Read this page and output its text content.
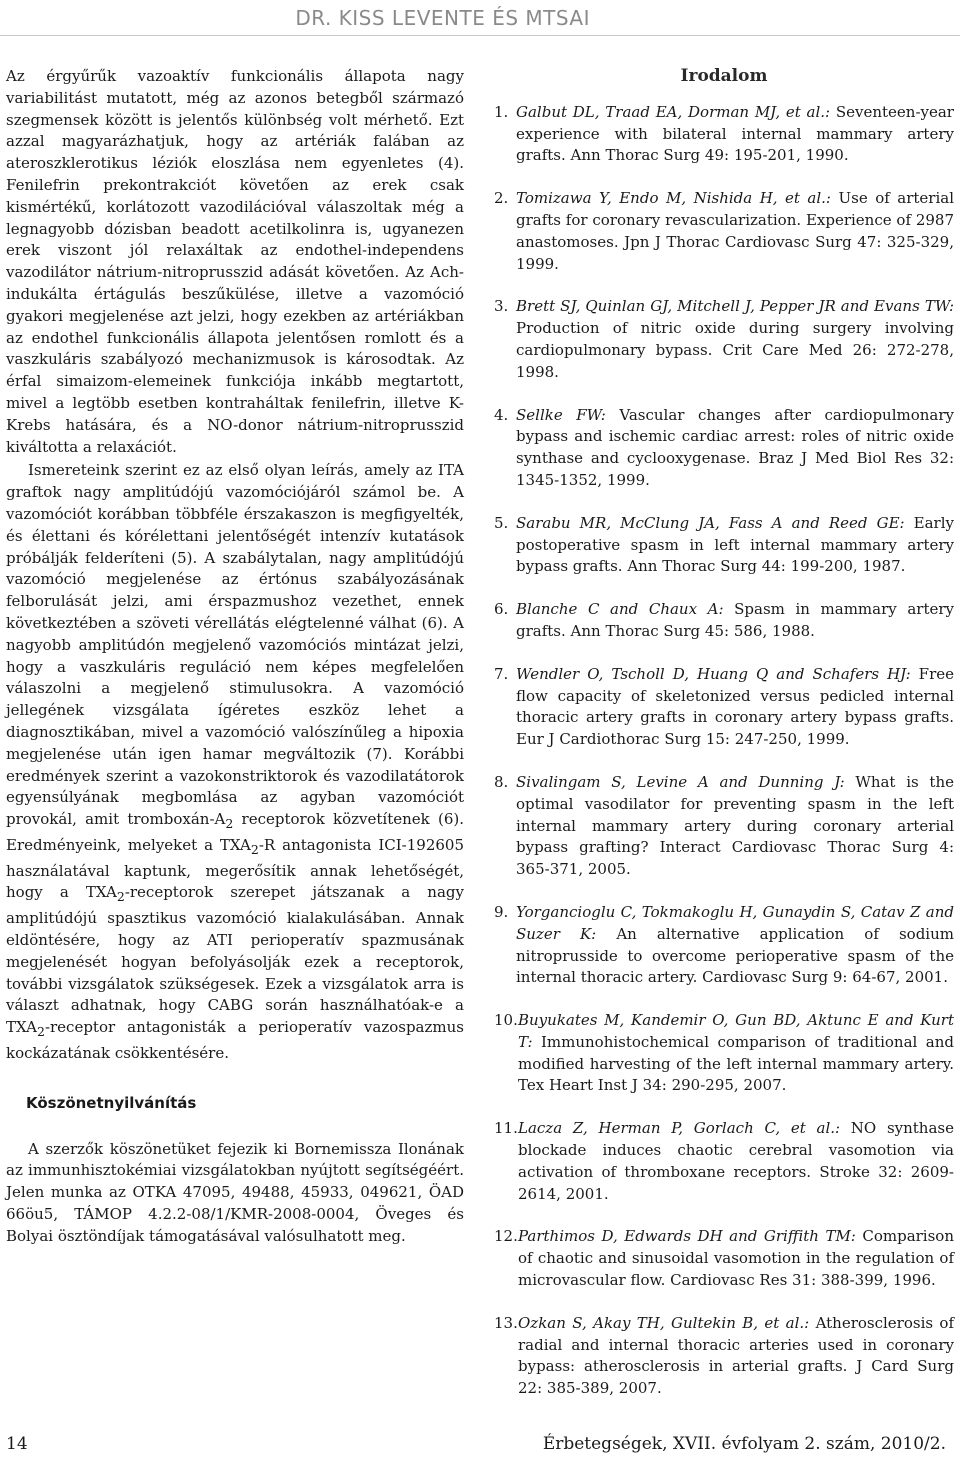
DR. KISS LEVENTE ÉS MTSAI

Az érgyűrűk vazoaktív funkcionális állapota nagy variabilitást mutatott, még az azonos betegből származó szegmensek között is jelentős különbség volt mérhető. Ezt azzal magyarázhatjuk, hogy az artériák falában az ateroszklerotikus léziók eloszlása nem egyenletes (4). Fenilefrin prekontrakciót követően az erek csak kismértékű, korlátozott vazodilációval válaszoltak még a legnagyobb dózisban beadott acetilkolinra is, ugyanezen erek viszont jól relaxáltak az endothel-independens vazodilátor nátrium-nitroprusszid adását követően. Az Ach-indukálta értágulás beszűkülése, illetve a vazomóció gyakori megjelenése azt jelzi, hogy ezekben az artériákban az endothel funkcionális állapota jelentősen romlott és a vaszkuláris szabályozó mechanizmusok is károsodtak. Az érfal simaizom-elemeinek funkciója inkább megtartott, mivel a legtöbb esetben kontraháltak fenilefrin, illetve K-Krebs hatására, és a NO-donor nátrium-nitroprusszid kiváltotta a relaxációt.

Ismereteink szerint ez az első olyan leírás, amely az ITA graftok nagy amplitúdójú vazomóciójáról számol be. A vazomóciót korábban többféle érszakaszon is megfigyelték, és élettani és kórélettani jelentőségét intenzív kutatások próbálják felderíteni (5). A szabálytalan, nagy amplitúdójú vazomóció megjelenése az értónus szabályozásának felborulását jelzi, ami érspazmushoz vezethet, ennek következtében a szöveti vérellátás elégtelenné válhat (6). A nagyobb amplitúdón megjelenő vazomóciós mintázat jelzi, hogy a vaszkuláris reguláció nem képes megfelelően válaszolni a megjelenő stimulusokra. A vazomóció jellegének vizsgálata ígéretes eszköz lehet a diagnosztikában, mivel a vazomóció valószínűleg a hipoxia megjelenése után igen hamar megváltozik (7). Korábbi eredmények szerint a vazokonstriktorok és vazodilatátorok egyensúlyának megbomlása az agyban vazomóciót provokál, amit tromboxán-$A_2$ receptorok közvetítenek (6). Eredményeink, melyeket a $TXA_2-R$ antagonista ICI-192605 használatával kaptunk, megerősítik annak lehetőségét, hogy a $TXA_2$-receptorok szerepet játszanak a nagy amplitúdójú spasztikus vazomóció kialakulásában. Annak eldöntésére, hogy az ATI perioperatív spazmusának megjelenését hogyan befolyásolják ezek a receptorok, további vizsgálatok szükségesek. Ezek a vizsgálatok arra is választ adhatnak, hogy CABG során használhatóak-e a $TXA_2$-receptor antagonisták a perioperatív vazospazmus kockázatának csökkentésére.

Köszönetnyilvánítás

A szerzők köszönetüket fejezik ki Bornemissza Ilonának az immunhisztokémiai vizsgálatokban nyújtott segítségéért. Jelen munka az OTKA 47095, 49488, 45933, 049621, ÖAD 66öu5, TÁMOP 4.2.2-08/1/KMR-2008-0004, Öveges és Bolyai ösztöndíjak támogatásával valósulhatott meg.

Irodalom
1. Galbut DL, Traad EA, Dorman MJ, et al.: Seventeen-year experience with bilateral internal mammary artery grafts. Ann Thorac Surg 49: 195-201, 1990.
2. Tomizawa Y, Endo M, Nishida H, et al.: Use of arterial grafts for coronary revascularization. Experience of 2987 anastomoses. Jpn J Thorac Cardiovasc Surg 47: 325-329, 1999.
3. Brett SJ, Quinlan GJ, Mitchell J, Pepper JR and Evans TW: Production of nitric oxide during surgery involving cardiopulmonary bypass. Crit Care Med 26: 272-278, 1998.
4. Sellke FW: Vascular changes after cardiopulmonary bypass and ischemic cardiac arrest: roles of nitric oxide synthase and cyclooxygenase. Braz J Med Biol Res 32: 1345-1352, 1999.
5. Sarabu MR, McClung JA, Fass A and Reed GE: Early postoperative spasm in left internal mammary artery bypass grafts. Ann Thorac Surg 44: 199-200, 1987.
6. Blanche C and Chaux A: Spasm in mammary artery grafts. Ann Thorac Surg 45: 586, 1988.
7. Wendler O, Tscholl D, Huang Q and Schafers HJ: Free flow capacity of skeletonized versus pedicled internal thoracic artery grafts in coronary artery bypass grafts. Eur J Cardiothorac Surg 15: 247-250, 1999.
8. Sivalingam S, Levine A and Dunning J: What is the optimal vasodilator for preventing spasm in the left internal mammary artery during coronary arterial bypass grafting? Interact Cardiovasc Thorac Surg 4: 365-371, 2005.
9. Yorgancioglu C, Tokmakoglu H, Gunaydin S, Catav Z and Suzer K: An alternative application of sodium nitroprusside to overcome perioperative spasm of the internal thoracic artery. Cardiovasc Surg 9: 64-67, 2001.
10. Buyukates M, Kandemir O, Gun BD, Aktunc E and Kurt T: Immunohistochemical comparison of traditional and modified harvesting of the left internal mammary artery. Tex Heart Inst J 34: 290-295, 2007.
11. Lacza Z, Herman P, Gorlach C, et al.: NO synthase blockade induces chaotic cerebral vasomotion via activation of thromboxane receptors. Stroke 32: 2609-2614, 2001.
12. Parthimos D, Edwards DH and Griffith TM: Comparison of chaotic and sinusoidal vasomotion in the regulation of microvascular flow. Cardiovasc Res 31: 388-399, 1996.
13. Ozkan S, Akay TH, Gultekin B, et al.: Atherosclerosis of radial and internal thoracic arteries used in coronary bypass: atherosclerosis in arterial grafts. J Card Surg 22: 385-389, 2007.
14	Érbetegségek, XVII. évfolyam 2. szám, 2010/2.
